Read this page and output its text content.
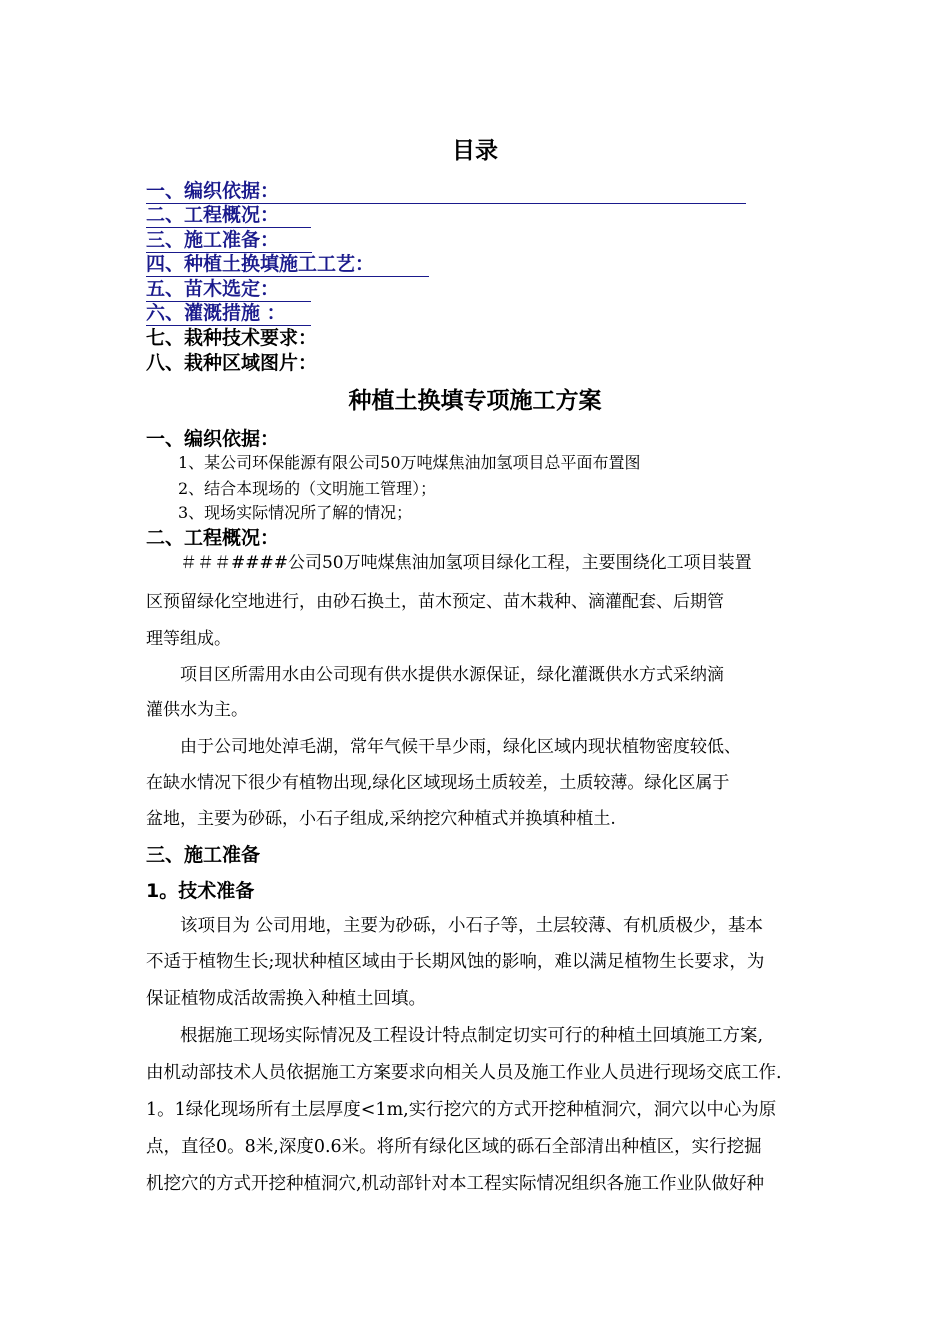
目录
一、编织依据：
二、工程概况：
三、施工准备：
四、种植土换填施工工艺：
五、苗木选定：
六、灌溉措施 ：
七、栽种技术要求：
八、栽种区域图片：
种植土换填专项施工方案
一、编织依据：
1、某公司环保能源有限公司50万吨煤焦油加氢项目总平面布置图
2、结合本现场的（文明施工管理）；
3、现场实际情况所了解的情况；
二、工程概况：
＃＃＃####公司50万吨煤焦油加氢项目绿化工程，主要围绕化工项目装置
区预留绿化空地进行，由砂石换土，苗木预定、苗木栽种、滴灌配套、后期管
理等组成。
项目区所需用水由公司现有供水提供水源保证，绿化灌溉供水方式采纳滴
灌供水为主。
由于公司地处淖毛湖，常年气候干旱少雨，绿化区域内现状植物密度较低、
在缺水情况下很少有植物出现,绿化区域现场土质较差，土质较薄。绿化区属于
盆地，主要为砂砾，小石子组成,采纳挖穴种植式并换填种植土.
三、施工准备
1。技术准备
该项目为 公司用地，主要为砂砾，小石子等，土层较薄、有机质极少，基本
不适于植物生长;现状种植区域由于长期风蚀的影响，难以满足植物生长要求，为
保证植物成活故需换入种植土回填。
根据施工现场实际情况及工程设计特点制定切实可行的种植土回填施工方案,
由机动部技术人员依据施工方案要求向相关人员及施工作业人员进行现场交底工作.
1。1绿化现场所有土层厚度<1m,实行挖穴的方式开挖种植洞穴，洞穴以中心为原
点，直径0。8米,深度0.6米。将所有绿化区域的砾石全部清出种植区，实行挖掘
机挖穴的方式开挖种植洞穴,机动部针对本工程实际情况组织各施工作业队做好种
